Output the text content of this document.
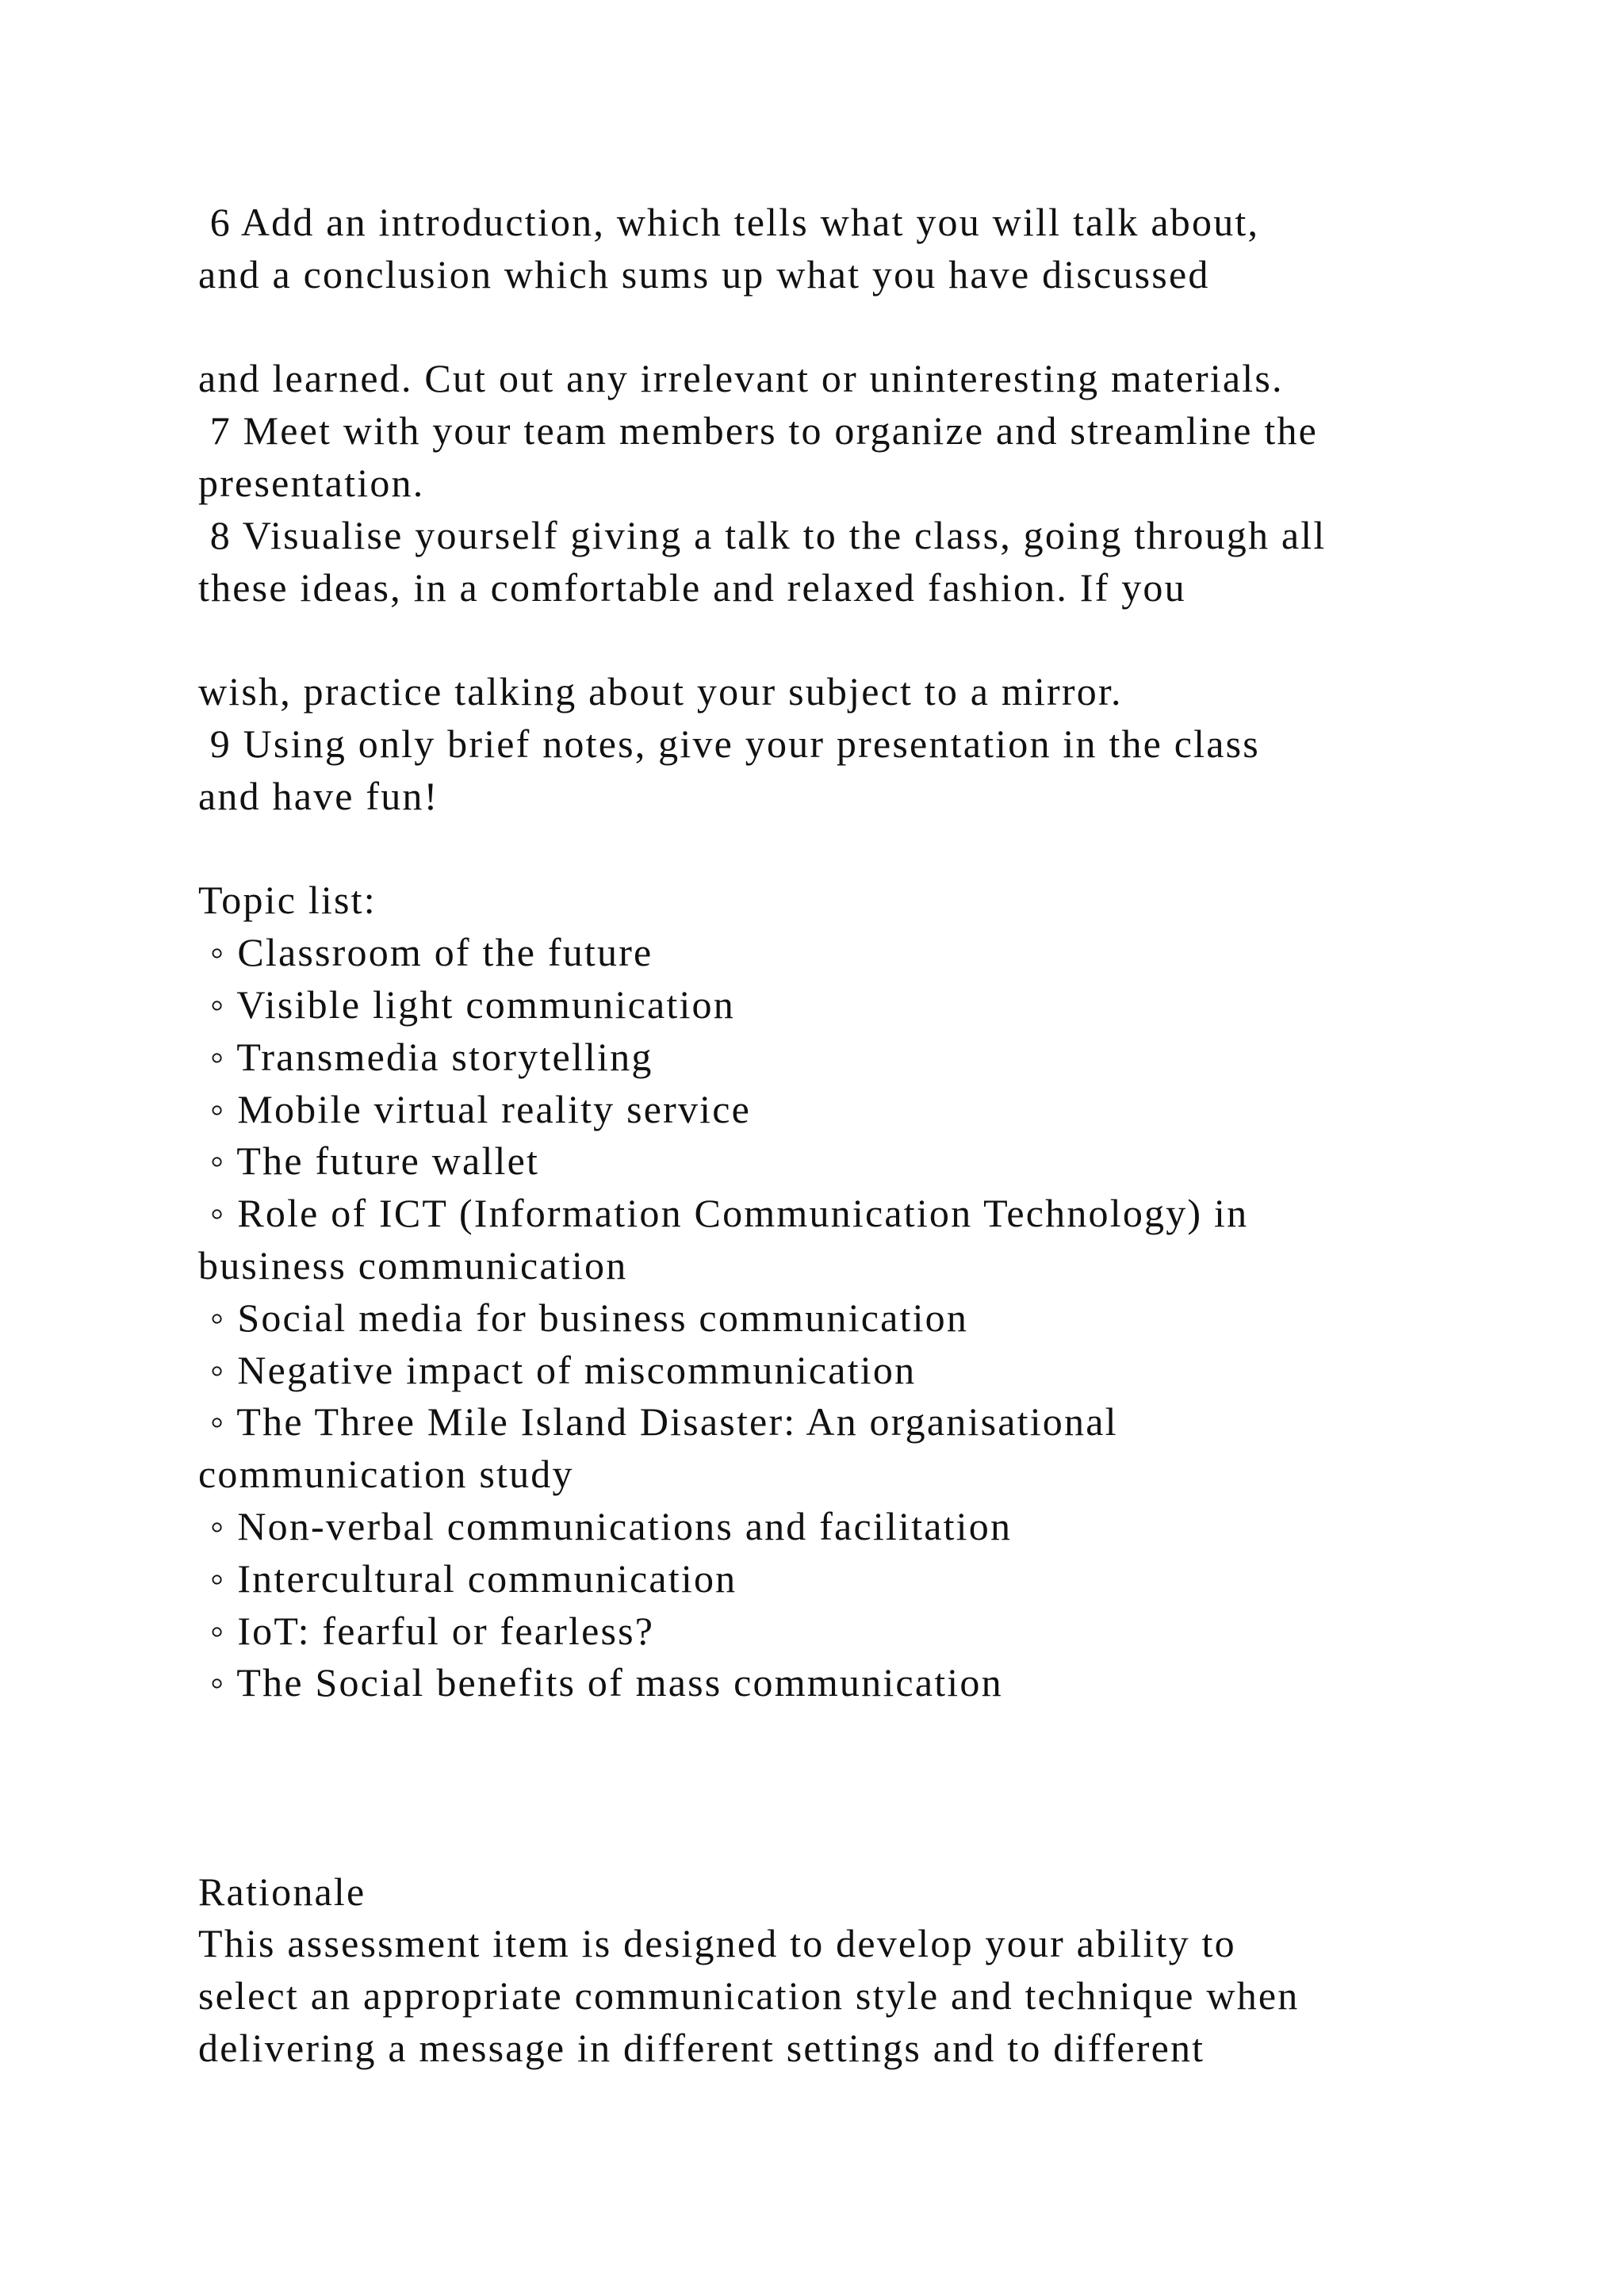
6 Add an introduction, which tells what you will talk about,
and a conclusion which sums up what you have discussed
and learned. Cut out any irrelevant or uninteresting materials.
7 Meet with your team members to organize and streamline the
presentation.
8 Visualise yourself giving a talk to the class, going through all
these ideas, in a comfortable and relaxed fashion. If you
wish, practice talking about your subject to a mirror.
9 Using only brief notes, give your presentation in the class
and have fun!
Topic list:
◦ Classroom of the future
◦ Visible light communication
◦ Transmedia storytelling
◦ Mobile virtual reality service
◦ The future wallet
◦ Role of ICT (Information Communication Technology) in
business communication
◦ Social media for business communication
◦ Negative impact of miscommunication
◦ The Three Mile Island Disaster: An organisational
communication study
◦ Non-verbal communications and facilitation
◦ Intercultural communication
◦ IoT: fearful or fearless?
◦ The Social benefits of mass communication
Rationale
This assessment item is designed to develop your ability to
select an appropriate communication style and technique when
delivering a message in different settings and to different
